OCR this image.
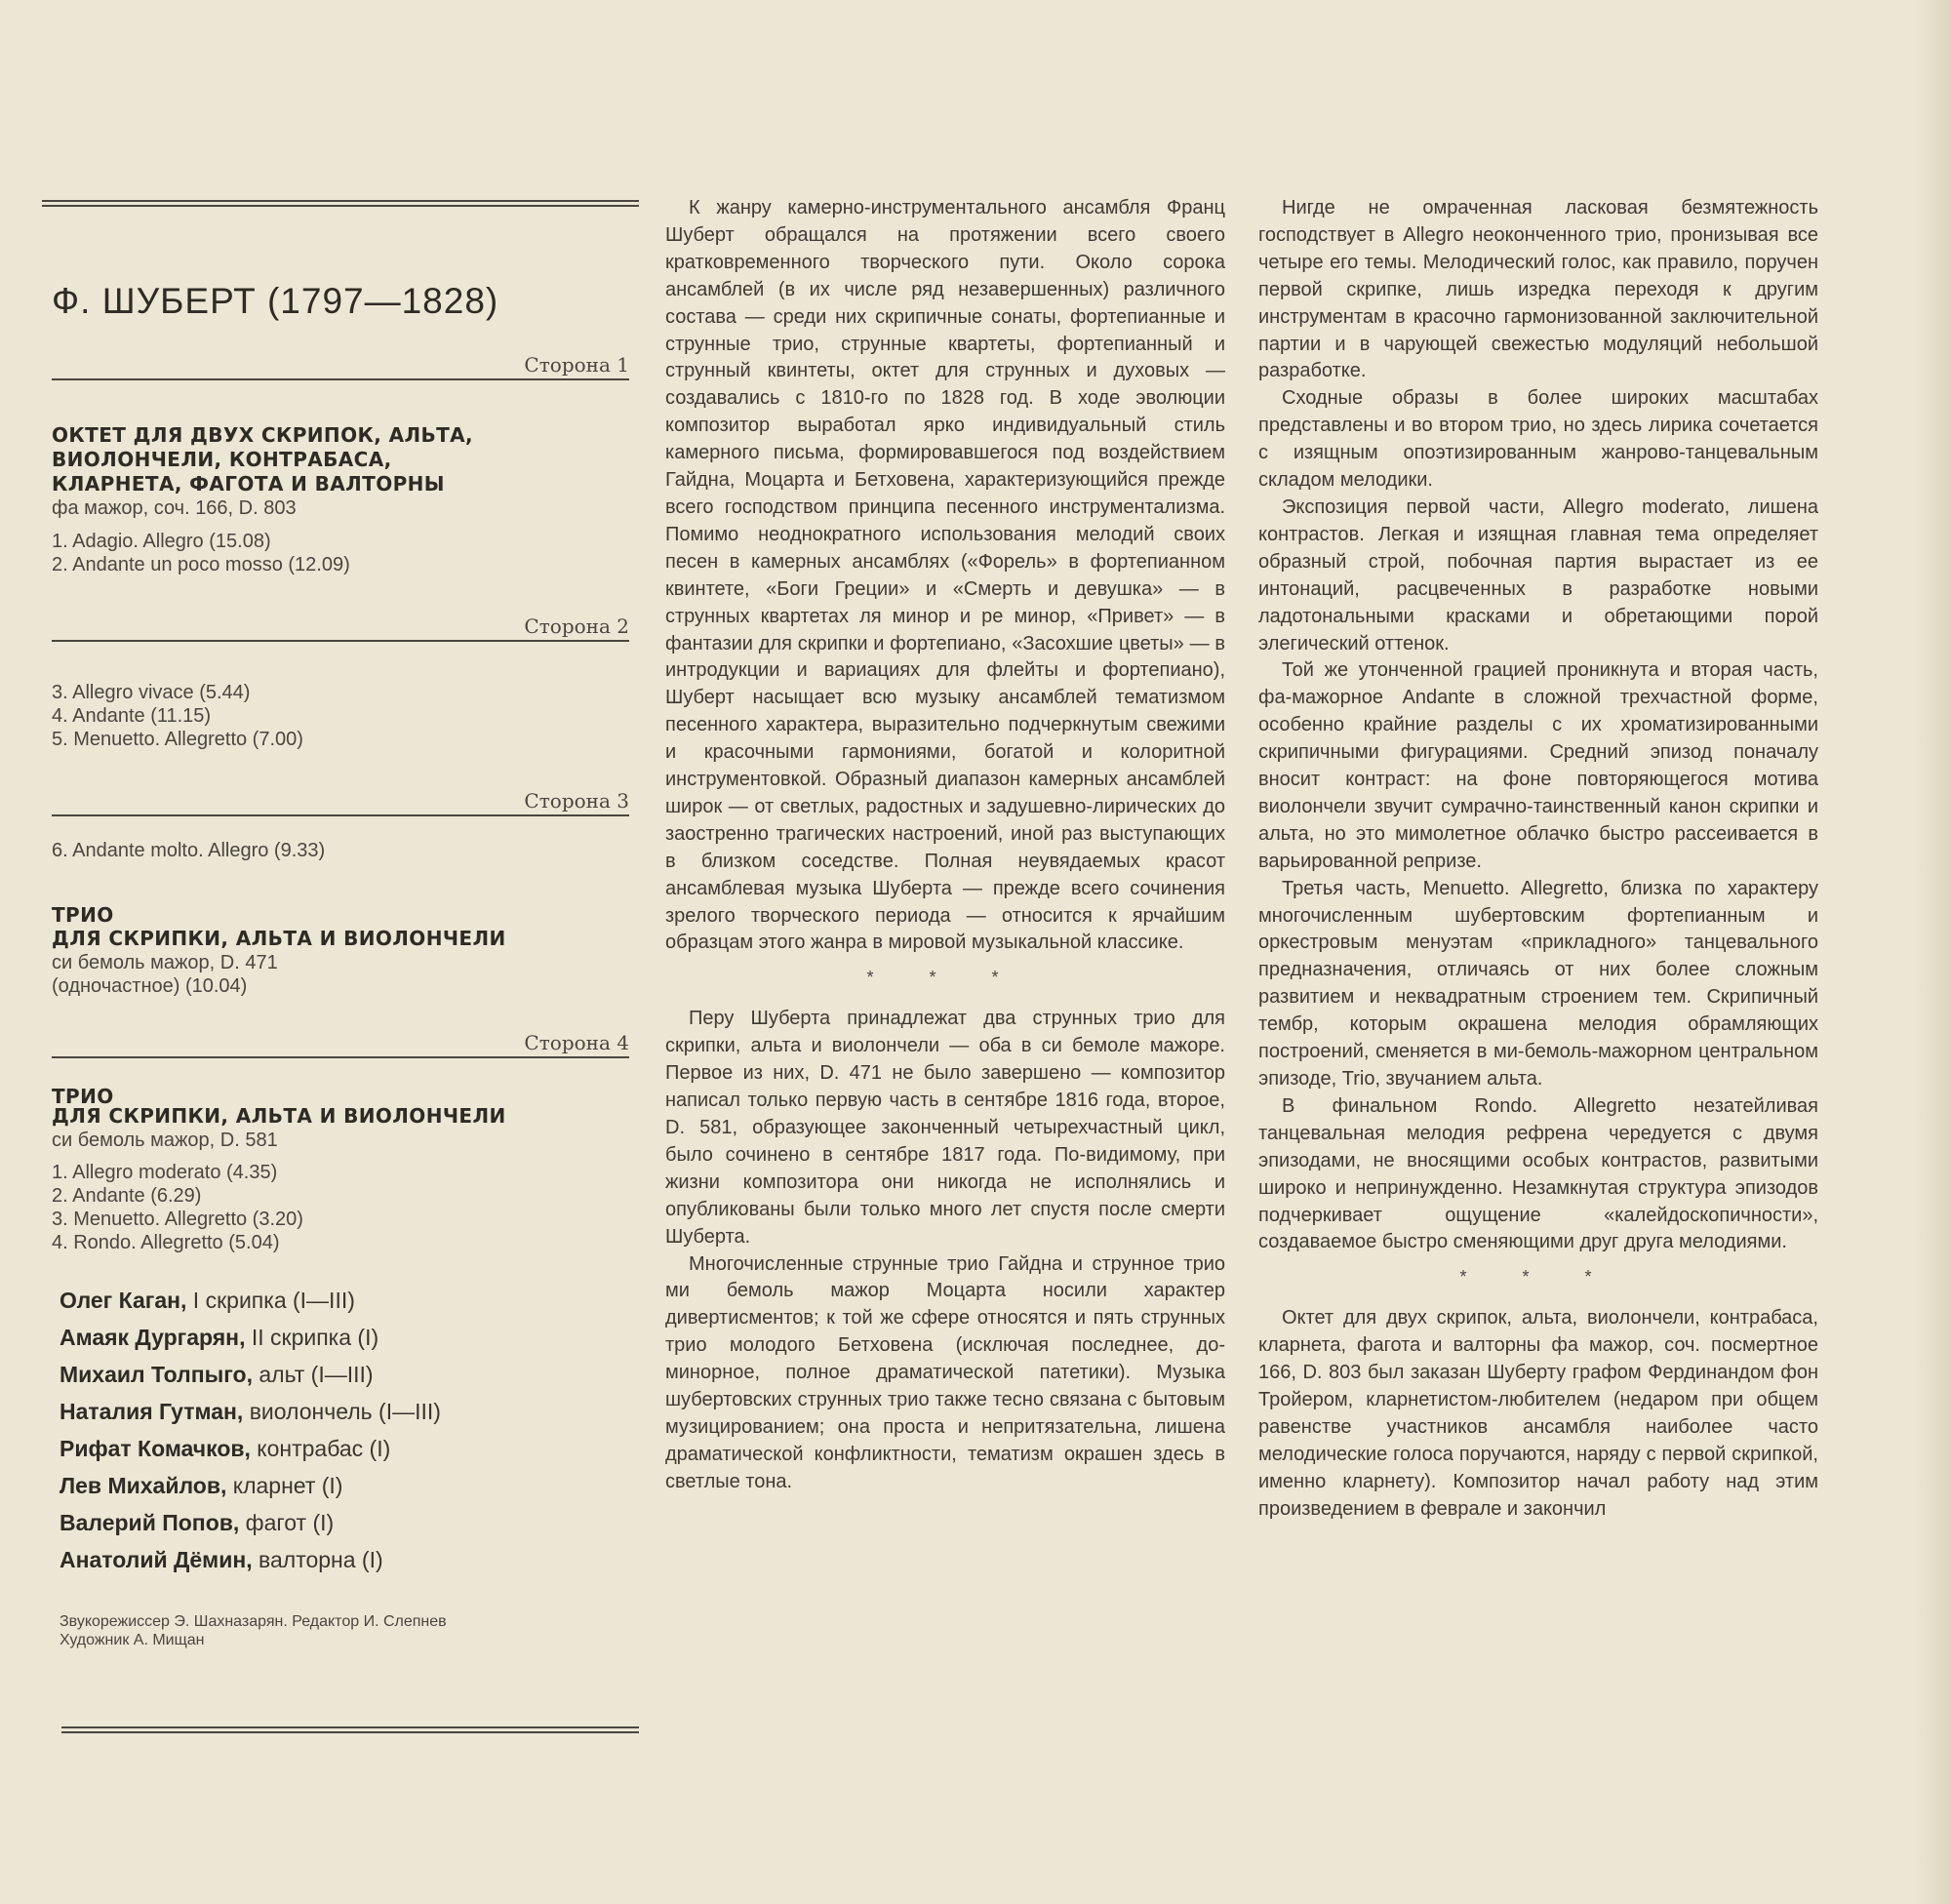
Ф. ШУБЕРТ (1797—1828)
Сторона 1
ОКТЕТ ДЛЯ ДВУХ СКРИПОК, АЛЬТА,
ВИОЛОНЧЕЛИ, КОНТРАБАСА,
КЛАРНЕТА, ФАГОТА И ВАЛТОРНЫ
фа мажор, соч. 166, D. 803
1. Adagio. Allegro (15.08)
2. Andante un poco mosso (12.09)
Сторона 2
3. Allegro vivace (5.44)
4. Andante (11.15)
5. Menuetto. Allegretto (7.00)
Сторона 3
6. Andante molto. Allegro (9.33)
ТРИО
ДЛЯ СКРИПКИ, АЛЬТА И ВИОЛОНЧЕЛИ
си бемоль мажор, D. 471
(одночастное) (10.04)
Сторона 4
ТРИО
ДЛЯ СКРИПКИ, АЛЬТА И ВИОЛОНЧЕЛИ
си бемоль мажор, D. 581
1. Allegro moderato (4.35)
2. Andante (6.29)
3. Menuetto. Allegretto (3.20)
4. Rondo. Allegretto (5.04)
Олег Каган, I скрипка (I—III)
Амаяк Дургарян, II скрипка (I)
Михаил Толпыго, альт (I—III)
Наталия Гутман, виолончель (I—III)
Рифат Комачков, контрабас (I)
Лев Михайлов, кларнет (I)
Валерий Попов, фагот (I)
Анатолий Дёмин, валторна (I)
Звукорежиссер Э. Шахназарян. Редактор И. Слепнев
Художник А. Мищан

К жанру камерно-инструментального ансамбля Франц Шуберт обращался на протяжении всего своего кратковременного творческого пути. Около сорока ансамблей (в их числе ряд незавершенных) различного состава — среди них скрипичные сонаты, фортепианные и струнные трио, струнные квартеты, фортепианный и струнный квинтеты, октет для струнных и духовых — создавались с 1810-го по 1828 год. В ходе эволюции композитор выработал ярко индивидуальный стиль камерного письма, формировавшегося под воздействием Гайдна, Моцарта и Бетховена, характеризующийся прежде всего господством принципа песенного инструментализма. Помимо неоднократного использования мелодий своих песен в камерных ансамблях («Форель» в фортепианном квинтете, «Боги Греции» и «Смерть и девушка» — в струнных квартетах ля минор и ре минор, «Привет» — в фантазии для скрипки и фортепиано, «Засохшие цветы» — в интродукции и вариациях для флейты и фортепиано), Шуберт насыщает всю музыку ансамблей тематизмом песенного характера, выразительно подчеркнутым свежими и красочными гармониями, богатой и колоритной инструментовкой. Образный диапазон камерных ансамблей широк — от светлых, радостных и задушевно-лирических до заостренно трагических настроений, иной раз выступающих в близком соседстве. Полная неувядаемых красот ансамблевая музыка Шуберта — прежде всего сочинения зрелого творческого периода — относится к ярчайшим образцам этого жанра в мировой музыкальной классике.

* * *

Перу Шуберта принадлежат два струнных трио для скрипки, альта и виолончели — оба в си бемоле мажоре. Первое из них, D. 471 не было завершено — композитор написал только первую часть в сентябре 1816 года, второе, D. 581, образующее законченный четырехчастный цикл, было сочинено в сентябре 1817 года. По-видимому, при жизни композитора они никогда не исполнялись и опубликованы были только много лет спустя после смерти Шуберта.

Многочисленные струнные трио Гайдна и струнное трио ми бемоль мажор Моцарта носили характер дивертисментов; к той же сфере относятся и пять струнных трио молодого Бетховена (исключая последнее, до-минорное, полное драматической патетики). Музыка шубертовских струнных трио также тесно связана с бытовым музицированием; она проста и непритязательна, лишена драматической конфликтности, тематизм окрашен здесь в светлые тона.

Нигде не омраченная ласковая безмятежность господствует в Allegro неоконченного трио, пронизывая все четыре его темы. Мелодический голос, как правило, поручен первой скрипке, лишь изредка переходя к другим инструментам в красочно гармонизованной заключительной партии и в чарующей свежестью модуляций небольшой разработке.

Сходные образы в более широких масштабах представлены и во втором трио, но здесь лирика сочетается с изящным опоэтизированным жанрово-танцевальным складом мелодики.

Экспозиция первой части, Allegro moderato, лишена контрастов. Легкая и изящная главная тема определяет образный строй, побочная партия вырастает из ее интонаций, расцвеченных в разработке новыми ладотональными красками и обретающими порой элегический оттенок.

Той же утонченной грацией проникнута и вторая часть, фа-мажорное Andante в сложной трехчастной форме, особенно крайние разделы с их хроматизированными скрипичными фигурациями. Средний эпизод поначалу вносит контраст: на фоне повторяющегося мотива виолончели звучит сумрачно-таинственный канон скрипки и альта, но это мимолетное облачко быстро рассеивается в варьированной репризе.

Третья часть, Menuetto. Allegretto, близка по характеру многочисленным шубертовским фортепианным и оркестровым менуэтам «прикладного» танцевального предназначения, отличаясь от них более сложным развитием и неквадратным строением тем. Скрипичный тембр, которым окрашена мелодия обрамляющих построений, сменяется в ми-бемоль-мажорном центральном эпизоде, Trio, звучанием альта.

В финальном Rondo. Allegretto незатейливая танцевальная мелодия рефрена чередуется с двумя эпизодами, не вносящими особых контрастов, развитыми широко и непринужденно. Незамкнутая структура эпизодов подчеркивает ощущение «калейдоскопичности», создаваемое быстро сменяющими друг друга мелодиями.

* * *

Октет для двух скрипок, альта, виолончели, контрабаса, кларнета, фагота и валторны фа мажор, соч. посмертное 166, D. 803 был заказан Шуберту графом Фердинандом фон Тройером, кларнетистом-любителем (недаром при общем равенстве участников ансамбля наиболее часто мелодические голоса поручаются, наряду с первой скрипкой, именно кларнету). Композитор начал работу над этим произведением в феврале и закончил
